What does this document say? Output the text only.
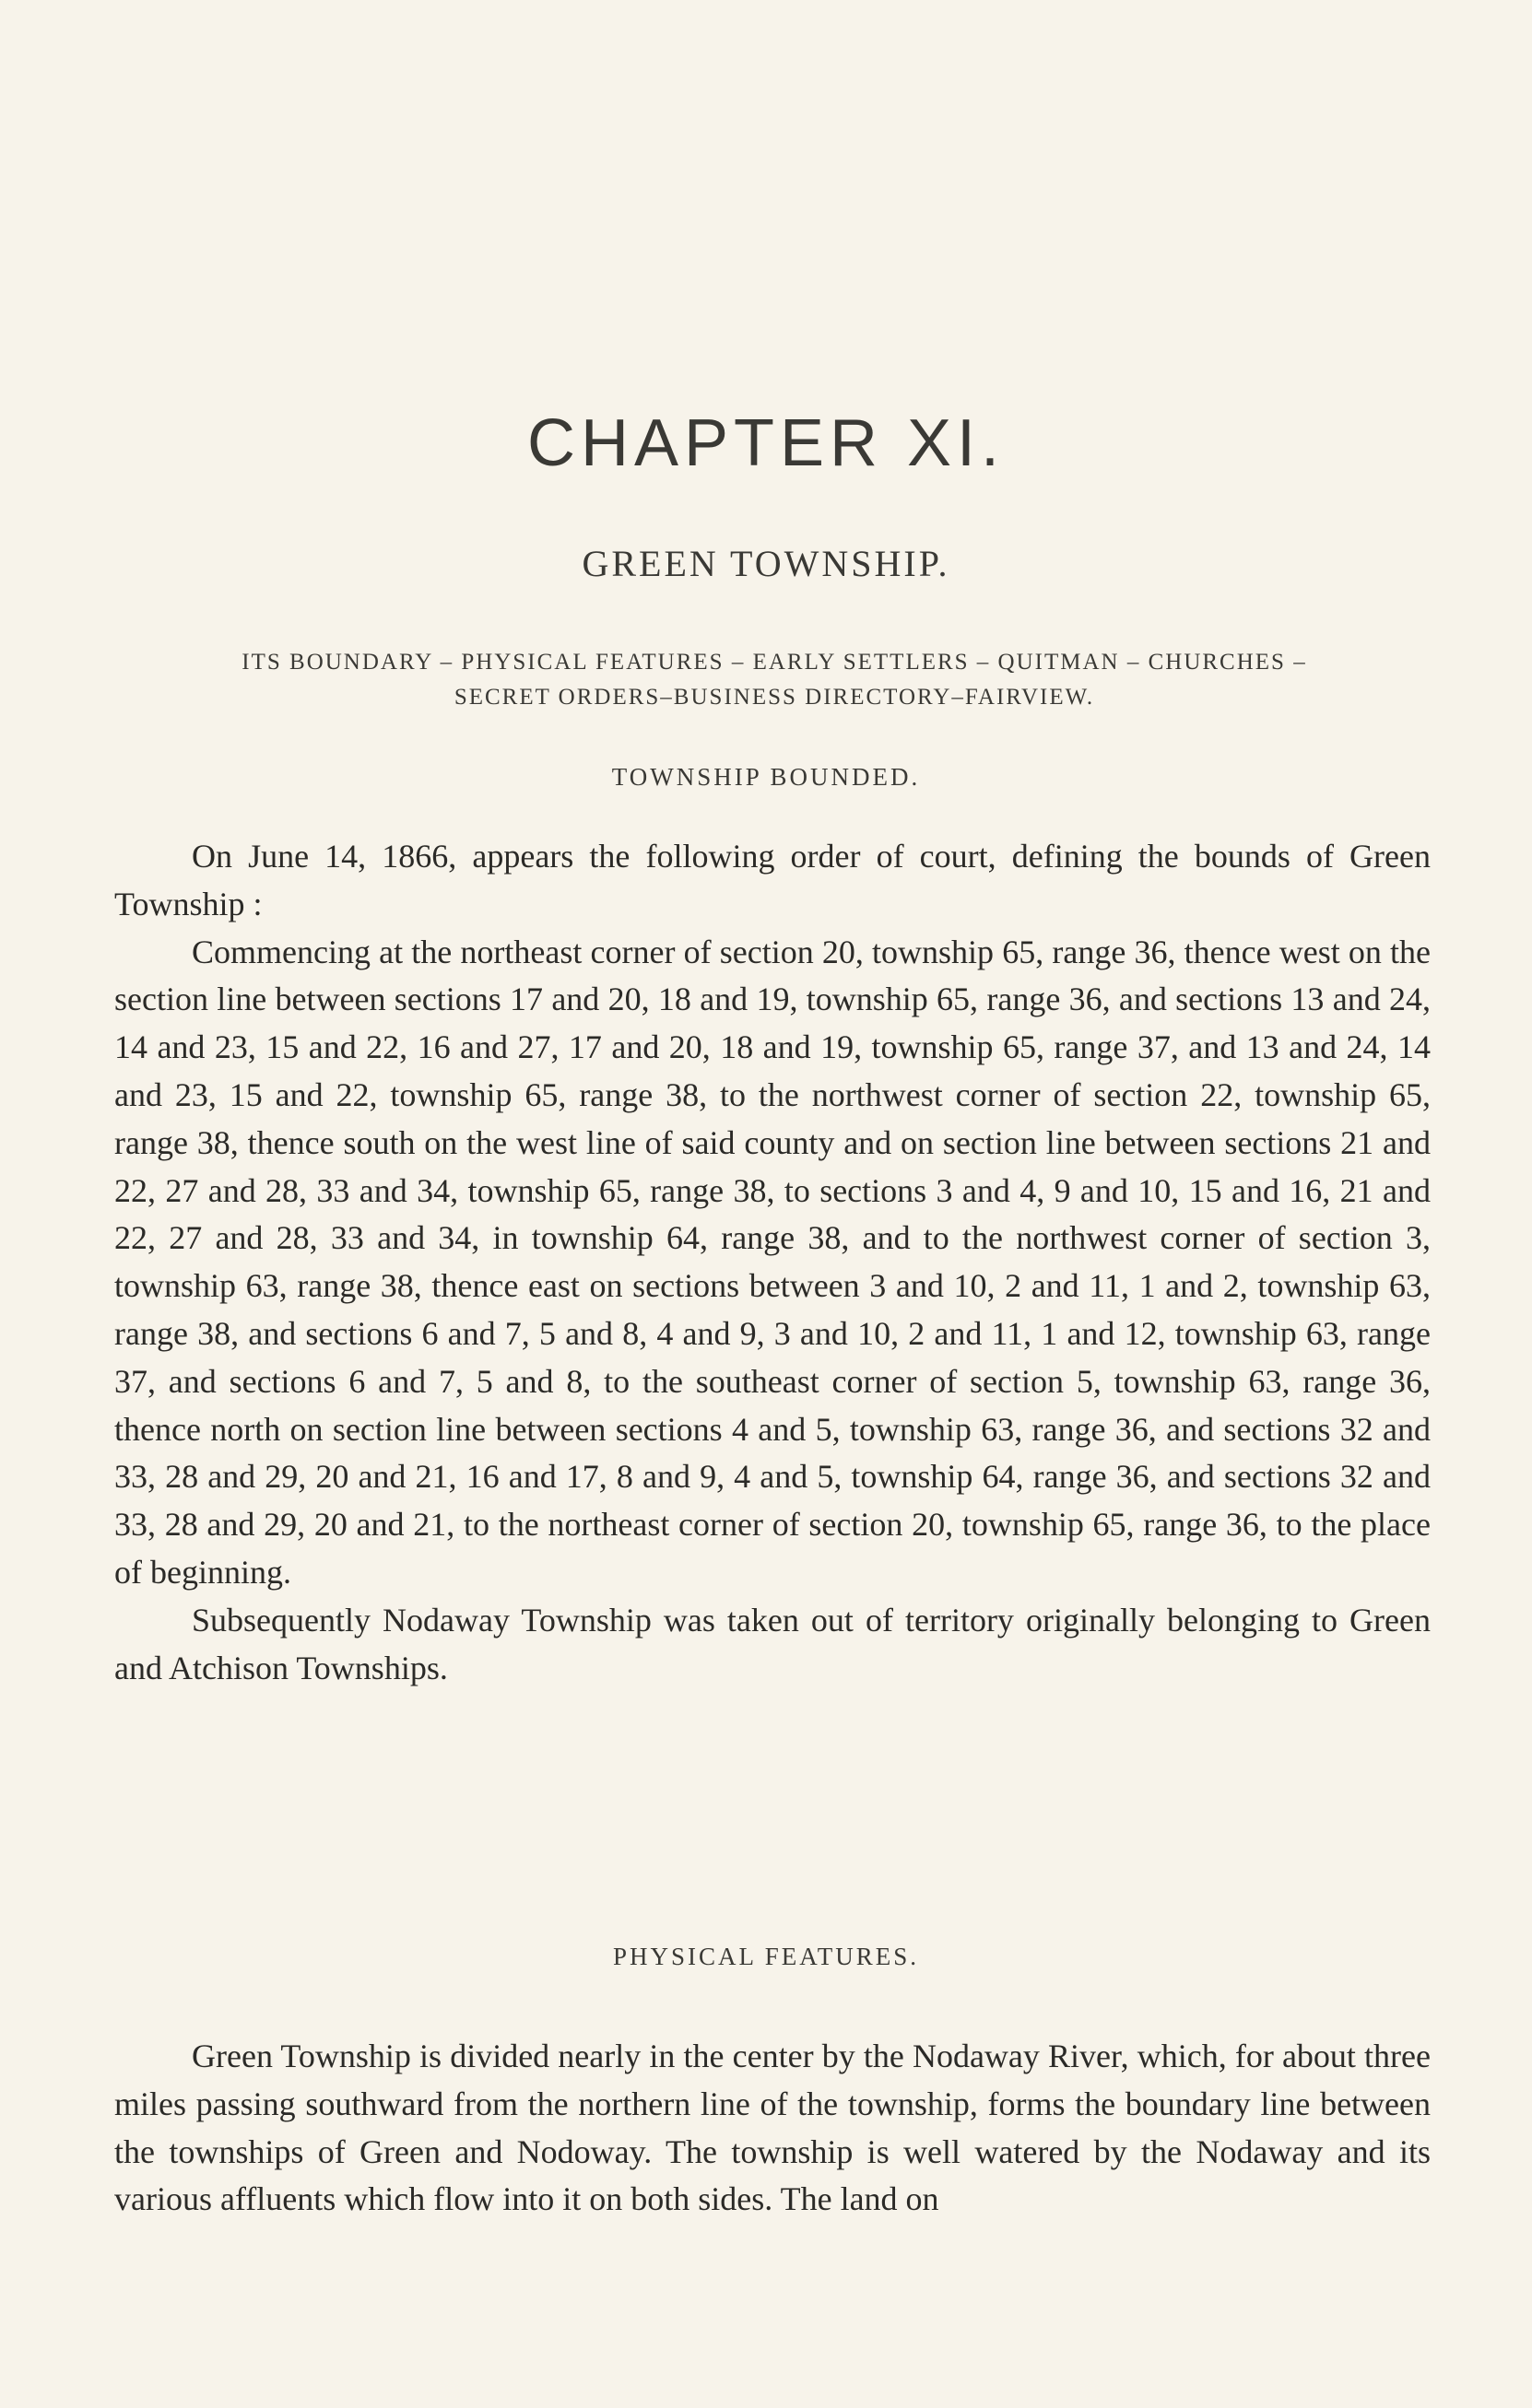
CHAPTER XI.
GREEN TOWNSHIP.
ITS BOUNDARY – PHYSICAL FEATURES – EARLY SETTLERS – QUITMAN – CHURCHES –
SECRET ORDERS–BUSINESS DIRECTORY–FAIRVIEW.
TOWNSHIP BOUNDED.

On June 14, 1866, appears the following order of court, defining the bounds of Green Township :

Commencing at the northeast corner of section 20, township 65, range 36, thence west on the section line between sections 17 and 20, 18 and 19, township 65, range 36, and sections 13 and 24, 14 and 23, 15 and 22, 16 and 27, 17 and 20, 18 and 19, township 65, range 37, and 13 and 24, 14 and 23, 15 and 22, township 65, range 38, to the northwest corner of section 22, township 65, range 38, thence south on the west line of said county and on section line between sections 21 and 22, 27 and 28, 33 and 34, township 65, range 38, to sections 3 and 4, 9 and 10, 15 and 16, 21 and 22, 27 and 28, 33 and 34, in township 64, range 38, and to the northwest corner of section 3, township 63, range 38, thence east on sections between 3 and 10, 2 and 11, 1 and 2, township 63, range 38, and sections 6 and 7, 5 and 8, 4 and 9, 3 and 10, 2 and 11, 1 and 12, township 63, range 37, and sections 6 and 7, 5 and 8, to the southeast corner of section 5, township 63, range 36, thence north on section line between sections 4 and 5, township 63, range 36, and sections 32 and 33, 28 and 29, 20 and 21, 16 and 17, 8 and 9, 4 and 5, township 64, range 36, and sections 32 and 33, 28 and 29, 20 and 21, to the northeast corner of section 20, township 65, range 36, to the place of beginning.

Subsequently Nodaway Township was taken out of territory originally belonging to Green and Atchison Townships.

PHYSICAL FEATURES.

Green Township is divided nearly in the center by the Nodaway River, which, for about three miles passing southward from the northern line of the township, forms the boundary line between the townships of Green and Nodoway. The township is well watered by the Nodaway and its various affluents which flow into it on both sides. The land on
